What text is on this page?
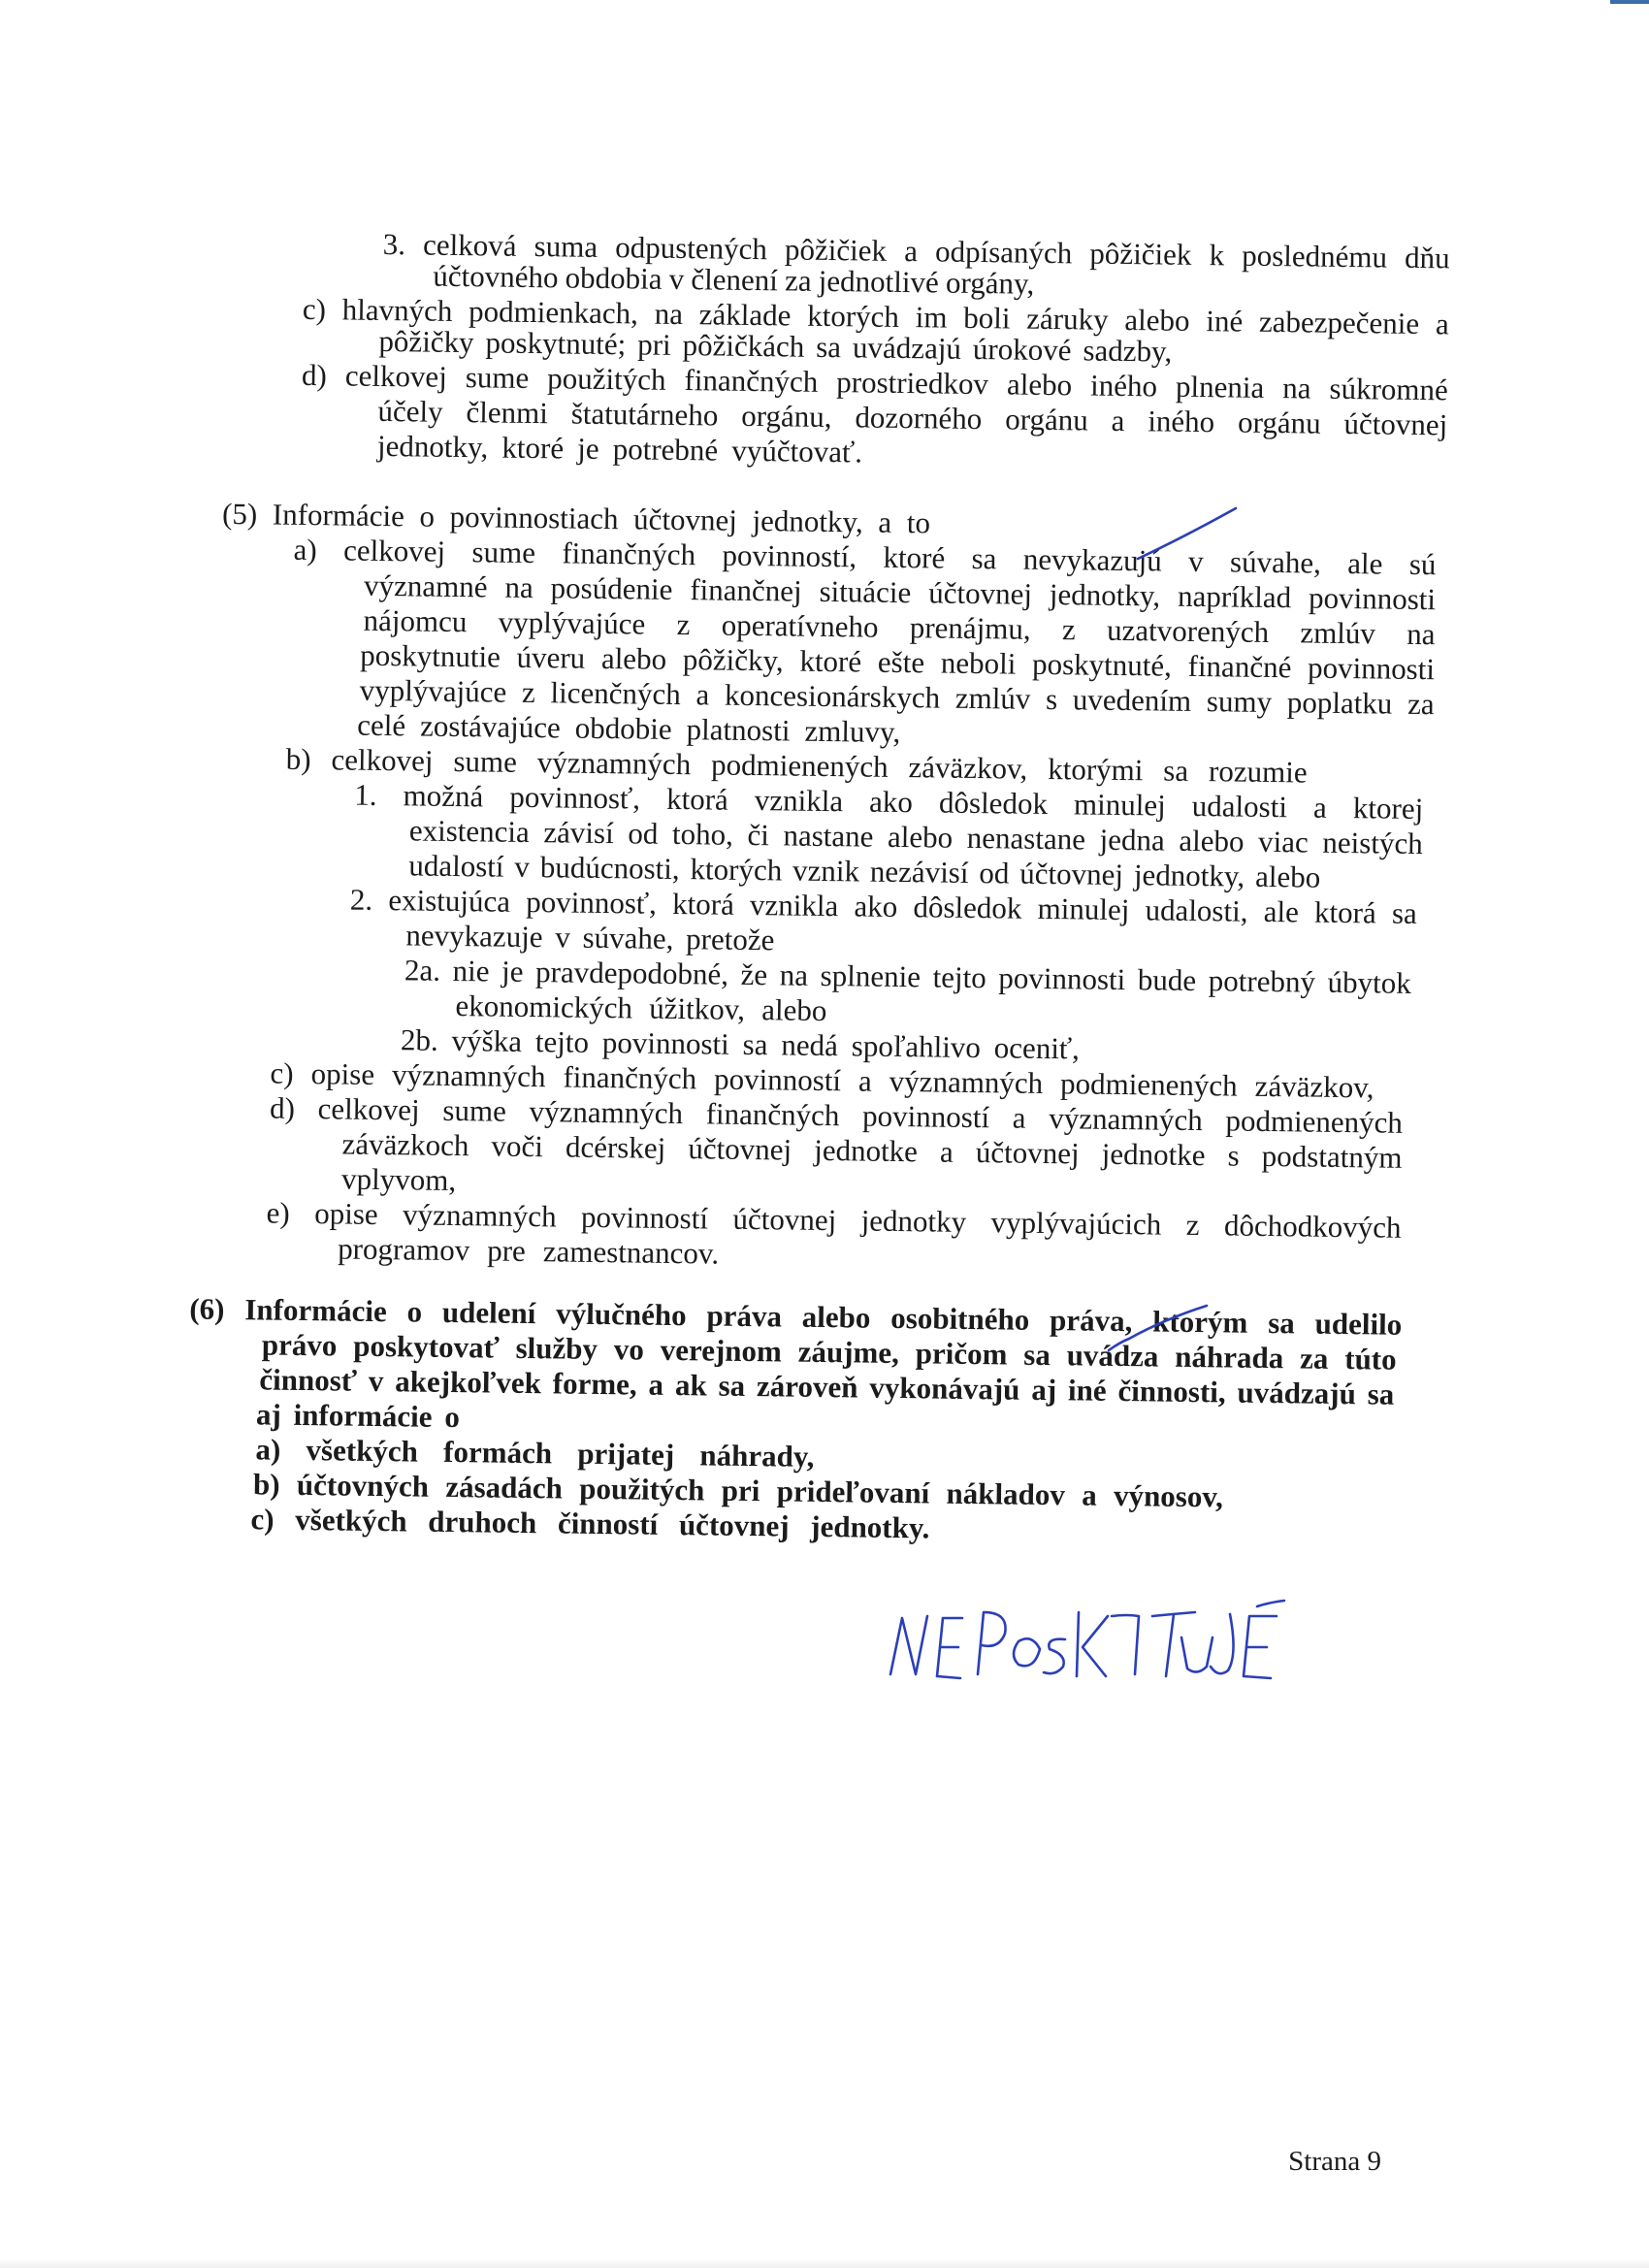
3. celková suma odpustených pôžičiek a odpísaných pôžičiek k poslednému dňu
účtovného obdobia v členení za jednotlivé orgány,
c) hlavných podmienkach, na základe ktorých im boli záruky alebo iné zabezpečenie a
pôžičky poskytnuté; pri pôžičkách sa uvádzajú úrokové sadzby,
d) celkovej sume použitých finančných prostriedkov alebo iného plnenia na súkromné
účely členmi štatutárneho orgánu, dozorného orgánu a iného orgánu účtovnej
jednotky, ktoré je potrebné vyúčtovať.
(5) Informácie o povinnostiach účtovnej jednotky, a to
a) celkovej sume finančných povinností, ktoré sa nevykazujú v súvahe, ale sú
významné na posúdenie finančnej situácie účtovnej jednotky, napríklad povinnosti
nájomcu vyplývajúce z operatívneho prenájmu, z uzatvorených zmlúv na
poskytnutie úveru alebo pôžičky, ktoré ešte neboli poskytnuté, finančné povinnosti
vyplývajúce z licenčných a koncesionárskych zmlúv s uvedením sumy poplatku za
celé zostávajúce obdobie platnosti zmluvy,
b) celkovej sume významných podmienených záväzkov, ktorými sa rozumie
1. možná povinnosť, ktorá vznikla ako dôsledok minulej udalosti a ktorej
existencia závisí od toho, či nastane alebo nenastane jedna alebo viac neistých
udalostí v budúcnosti, ktorých vznik nezávisí od účtovnej jednotky, alebo
2. existujúca povinnosť, ktorá vznikla ako dôsledok minulej udalosti, ale ktorá sa
nevykazuje v súvahe, pretože
2a. nie je pravdepodobné, že na splnenie tejto povinnosti bude potrebný úbytok
ekonomických úžitkov, alebo
2b. výška tejto povinnosti sa nedá spoľahlivo oceniť,
c) opise významných finančných povinností a významných podmienených záväzkov,
d) celkovej sume významných finančných povinností a významných podmienených
záväzkoch voči dcérskej účtovnej jednotke a účtovnej jednotke s podstatným
vplyvom,
e) opise významných povinností účtovnej jednotky vyplývajúcich z dôchodkových
programov pre zamestnancov.
(6) Informácie o udelení výlučného práva alebo osobitného práva, ktorým sa udelilo
právo poskytovať služby vo verejnom záujme, pričom sa uvádza náhrada za túto
činnosť v akejkoľvek forme, a ak sa zároveň vykonávajú aj iné činnosti, uvádzajú sa
aj informácie o
a) všetkých formách prijatej náhrady,
b) účtovných zásadách použitých pri prideľovaní nákladov a výnosov,
c) všetkých druhoch činností účtovnej jednotky.
Strana 9
